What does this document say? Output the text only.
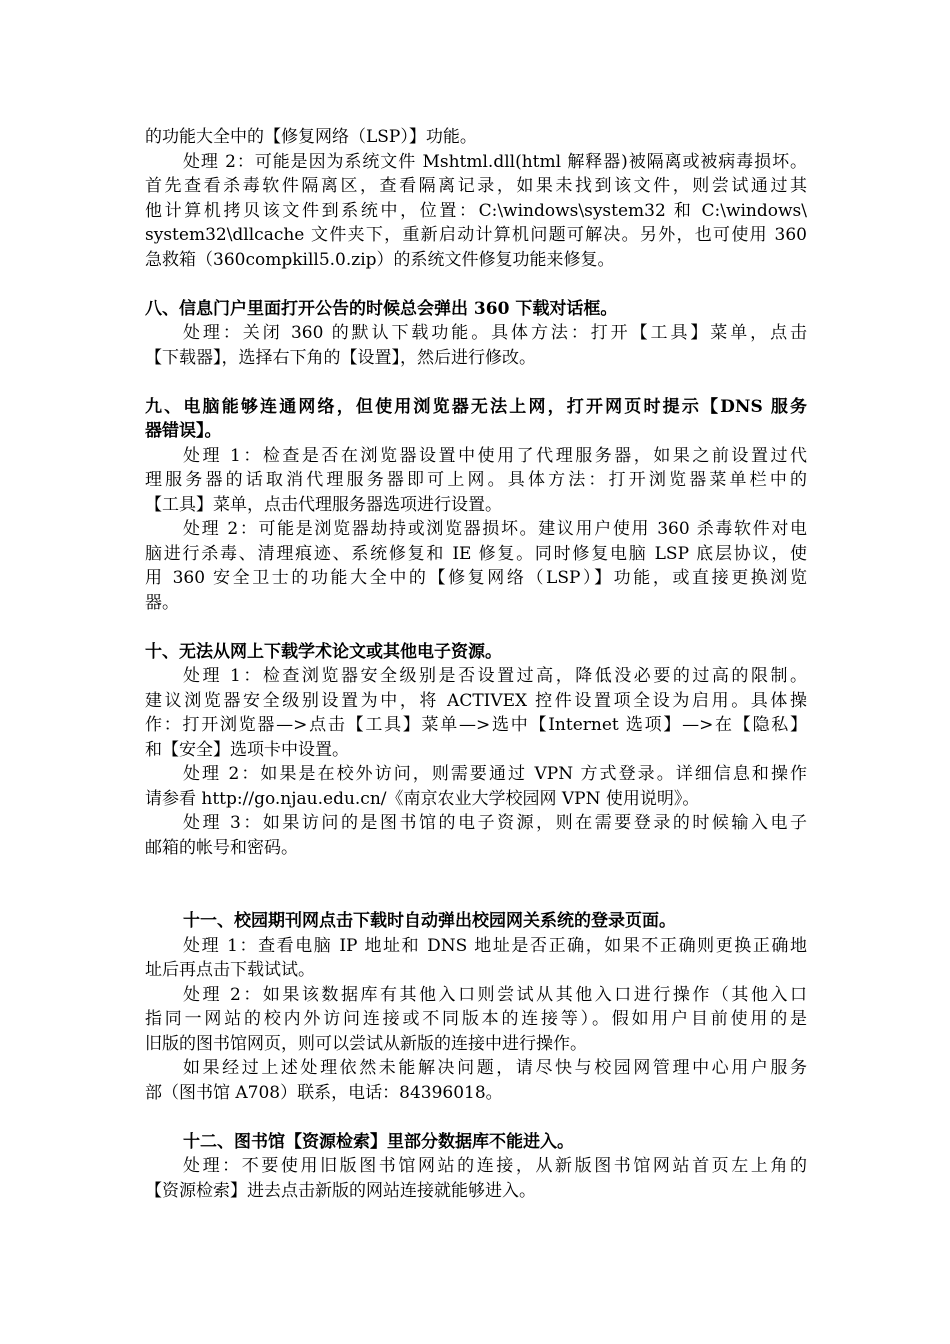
的功能大全中的【修复网络（LSP）】功能。
处理 2：可能是因为系统文件 Mshtml.dll(html 解释器)被隔离或被病毒损坏。
首先查看杀毒软件隔离区，查看隔离记录，如果未找到该文件，则尝试通过其
他计算机拷贝该文件到系统中，位置：C:\windows\system32 和 C:\windows\
system32\dllcache 文件夹下，重新启动计算机问题可解决。另外，也可使用 360
急救箱（360compkill5.0.zip）的系统文件修复功能来修复。
八、信息门户里面打开公告的时候总会弹出 360 下载对话框。
处理：关闭 360 的默认下载功能。具体方法：打开【工具】菜单，点击
【下载器】，选择右下角的【设置】，然后进行修改。
九、电脑能够连通网络，但使用浏览器无法上网，打开网页时提示【DNS 服务
器错误】。
处理 1：检查是否在浏览器设置中使用了代理服务器，如果之前设置过代
理服务器的话取消代理服务器即可上网。具体方法：打开浏览器菜单栏中的
【工具】菜单，点击代理服务器选项进行设置。
处理 2：可能是浏览器劫持或浏览器损坏。建议用户使用 360 杀毒软件对电
脑进行杀毒、清理痕迹、系统修复和 IE 修复。同时修复电脑 LSP 底层协议，使
用 360 安全卫士的功能大全中的【修复网络（LSP）】功能，或直接更换浏览
器。
十、无法从网上下载学术论文或其他电子资源。
处理 1：检查浏览器安全级别是否设置过高，降低没必要的过高的限制。
建议浏览器安全级别设置为中，将 ACTIVEX 控件设置项全设为启用。具体操
作：打开浏览器—>点击【工具】菜单—>选中【Internet 选项】—>在【隐私】
和【安全】选项卡中设置。
处理 2：如果是在校外访问，则需要通过 VPN 方式登录。详细信息和操作
请参看 http://go.njau.edu.cn/《南京农业大学校园网 VPN 使用说明》。
处理 3：如果访问的是图书馆的电子资源，则在需要登录的时候输入电子
邮箱的帐号和密码。
十一、校园期刊网点击下载时自动弹出校园网关系统的登录页面。
处理 1：查看电脑 IP 地址和 DNS 地址是否正确，如果不正确则更换正确地
址后再点击下载试试。
处理 2：如果该数据库有其他入口则尝试从其他入口进行操作（其他入口
指同一网站的校内外访问连接或不同版本的连接等）。假如用户目前使用的是
旧版的图书馆网页，则可以尝试从新版的连接中进行操作。
如果经过上述处理依然未能解决问题，请尽快与校园网管理中心用户服务
部（图书馆 A708）联系，电话：84396018。
十二、图书馆【资源检索】里部分数据库不能进入。
处理：不要使用旧版图书馆网站的连接，从新版图书馆网站首页左上角的
【资源检索】进去点击新版的网站连接就能够进入。
